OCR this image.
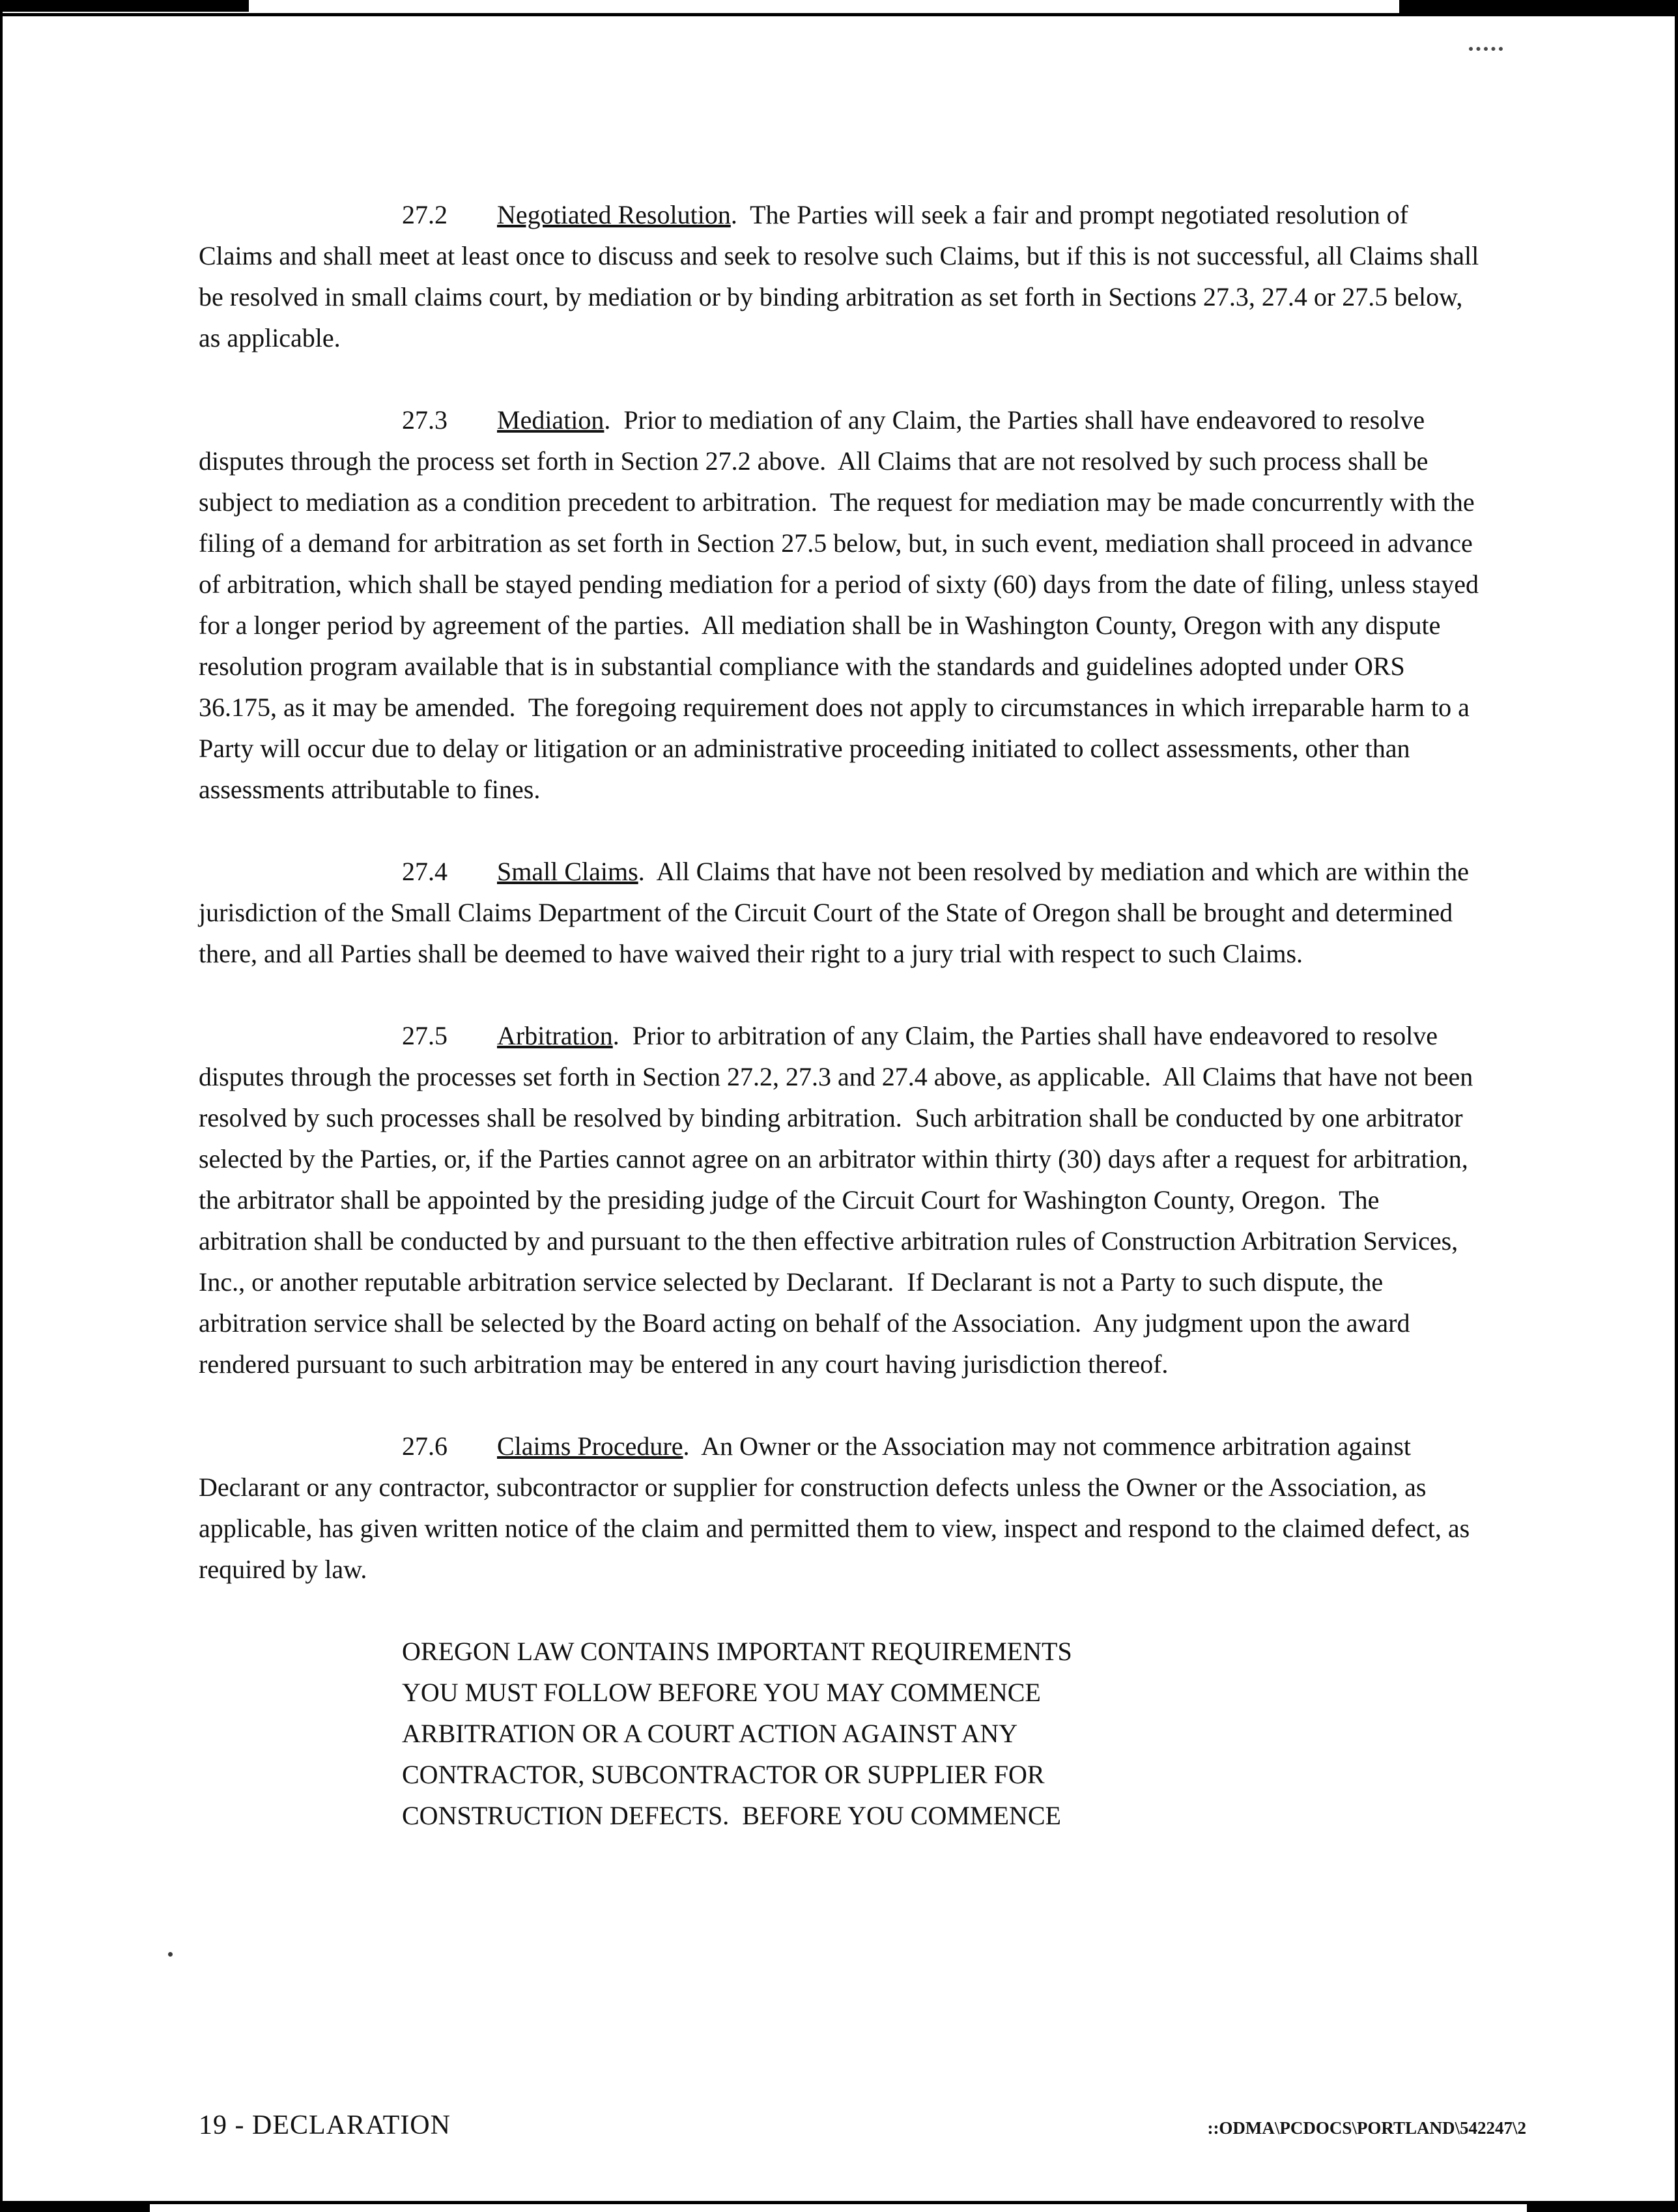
27.2 Negotiated Resolution.  The Parties will seek a fair and prompt negotiated resolution of Claims and shall meet at least once to discuss and seek to resolve such Claims, but if this is not successful, all Claims shall be resolved in small claims court, by mediation or by binding arbitration as set forth in Sections 27.3, 27.4 or 27.5 below, as applicable.

27.3 Mediation.  Prior to mediation of any Claim, the Parties shall have endeavored to resolve disputes through the process set forth in Section 27.2 above.  All Claims that are not resolved by such process shall be subject to mediation as a condition precedent to arbitration.  The request for mediation may be made concurrently with the filing of a demand for arbitration as set forth in Section 27.5 below, but, in such event, mediation shall proceed in advance of arbitration, which shall be stayed pending mediation for a period of sixty (60) days from the date of filing, unless stayed for a longer period by agreement of the parties.  All mediation shall be in Washington County, Oregon with any dispute resolution program available that is in substantial compliance with the standards and guidelines adopted under ORS 36.175, as it may be amended.  The foregoing requirement does not apply to circumstances in which irreparable harm to a Party will occur due to delay or litigation or an administrative proceeding initiated to collect assessments, other than assessments attributable to fines.

27.4 Small Claims.  All Claims that have not been resolved by mediation and which are within the jurisdiction of the Small Claims Department of the Circuit Court of the State of Oregon shall be brought and determined there, and all Parties shall be deemed to have waived their right to a jury trial with respect to such Claims.

27.5 Arbitration.  Prior to arbitration of any Claim, the Parties shall have endeavored to resolve disputes through the processes set forth in Section 27.2, 27.3 and 27.4 above, as applicable.  All Claims that have not been resolved by such processes shall be resolved by binding arbitration.  Such arbitration shall be conducted by one arbitrator selected by the Parties, or, if the Parties cannot agree on an arbitrator within thirty (30) days after a request for arbitration, the arbitrator shall be appointed by the presiding judge of the Circuit Court for Washington County, Oregon.  The arbitration shall be conducted by and pursuant to the then effective arbitration rules of Construction Arbitration Services, Inc., or another reputable arbitration service selected by Declarant.  If Declarant is not a Party to such dispute, the arbitration service shall be selected by the Board acting on behalf of the Association.  Any judgment upon the award rendered pursuant to such arbitration may be entered in any court having jurisdiction thereof.

27.6 Claims Procedure.  An Owner or the Association may not commence arbitration against Declarant or any contractor, subcontractor or supplier for construction defects unless the Owner or the Association, as applicable, has given written notice of the claim and permitted them to view, inspect and respond to the claimed defect, as required by law.

OREGON LAW CONTAINS IMPORTANT REQUIREMENTS
YOU MUST FOLLOW BEFORE YOU MAY COMMENCE
ARBITRATION OR A COURT ACTION AGAINST ANY
CONTRACTOR, SUBCONTRACTOR OR SUPPLIER FOR
CONSTRUCTION DEFECTS.  BEFORE YOU COMMENCE
19 - DECLARATION	::ODMA\PCDOCS\PORTLAND\542247\2
